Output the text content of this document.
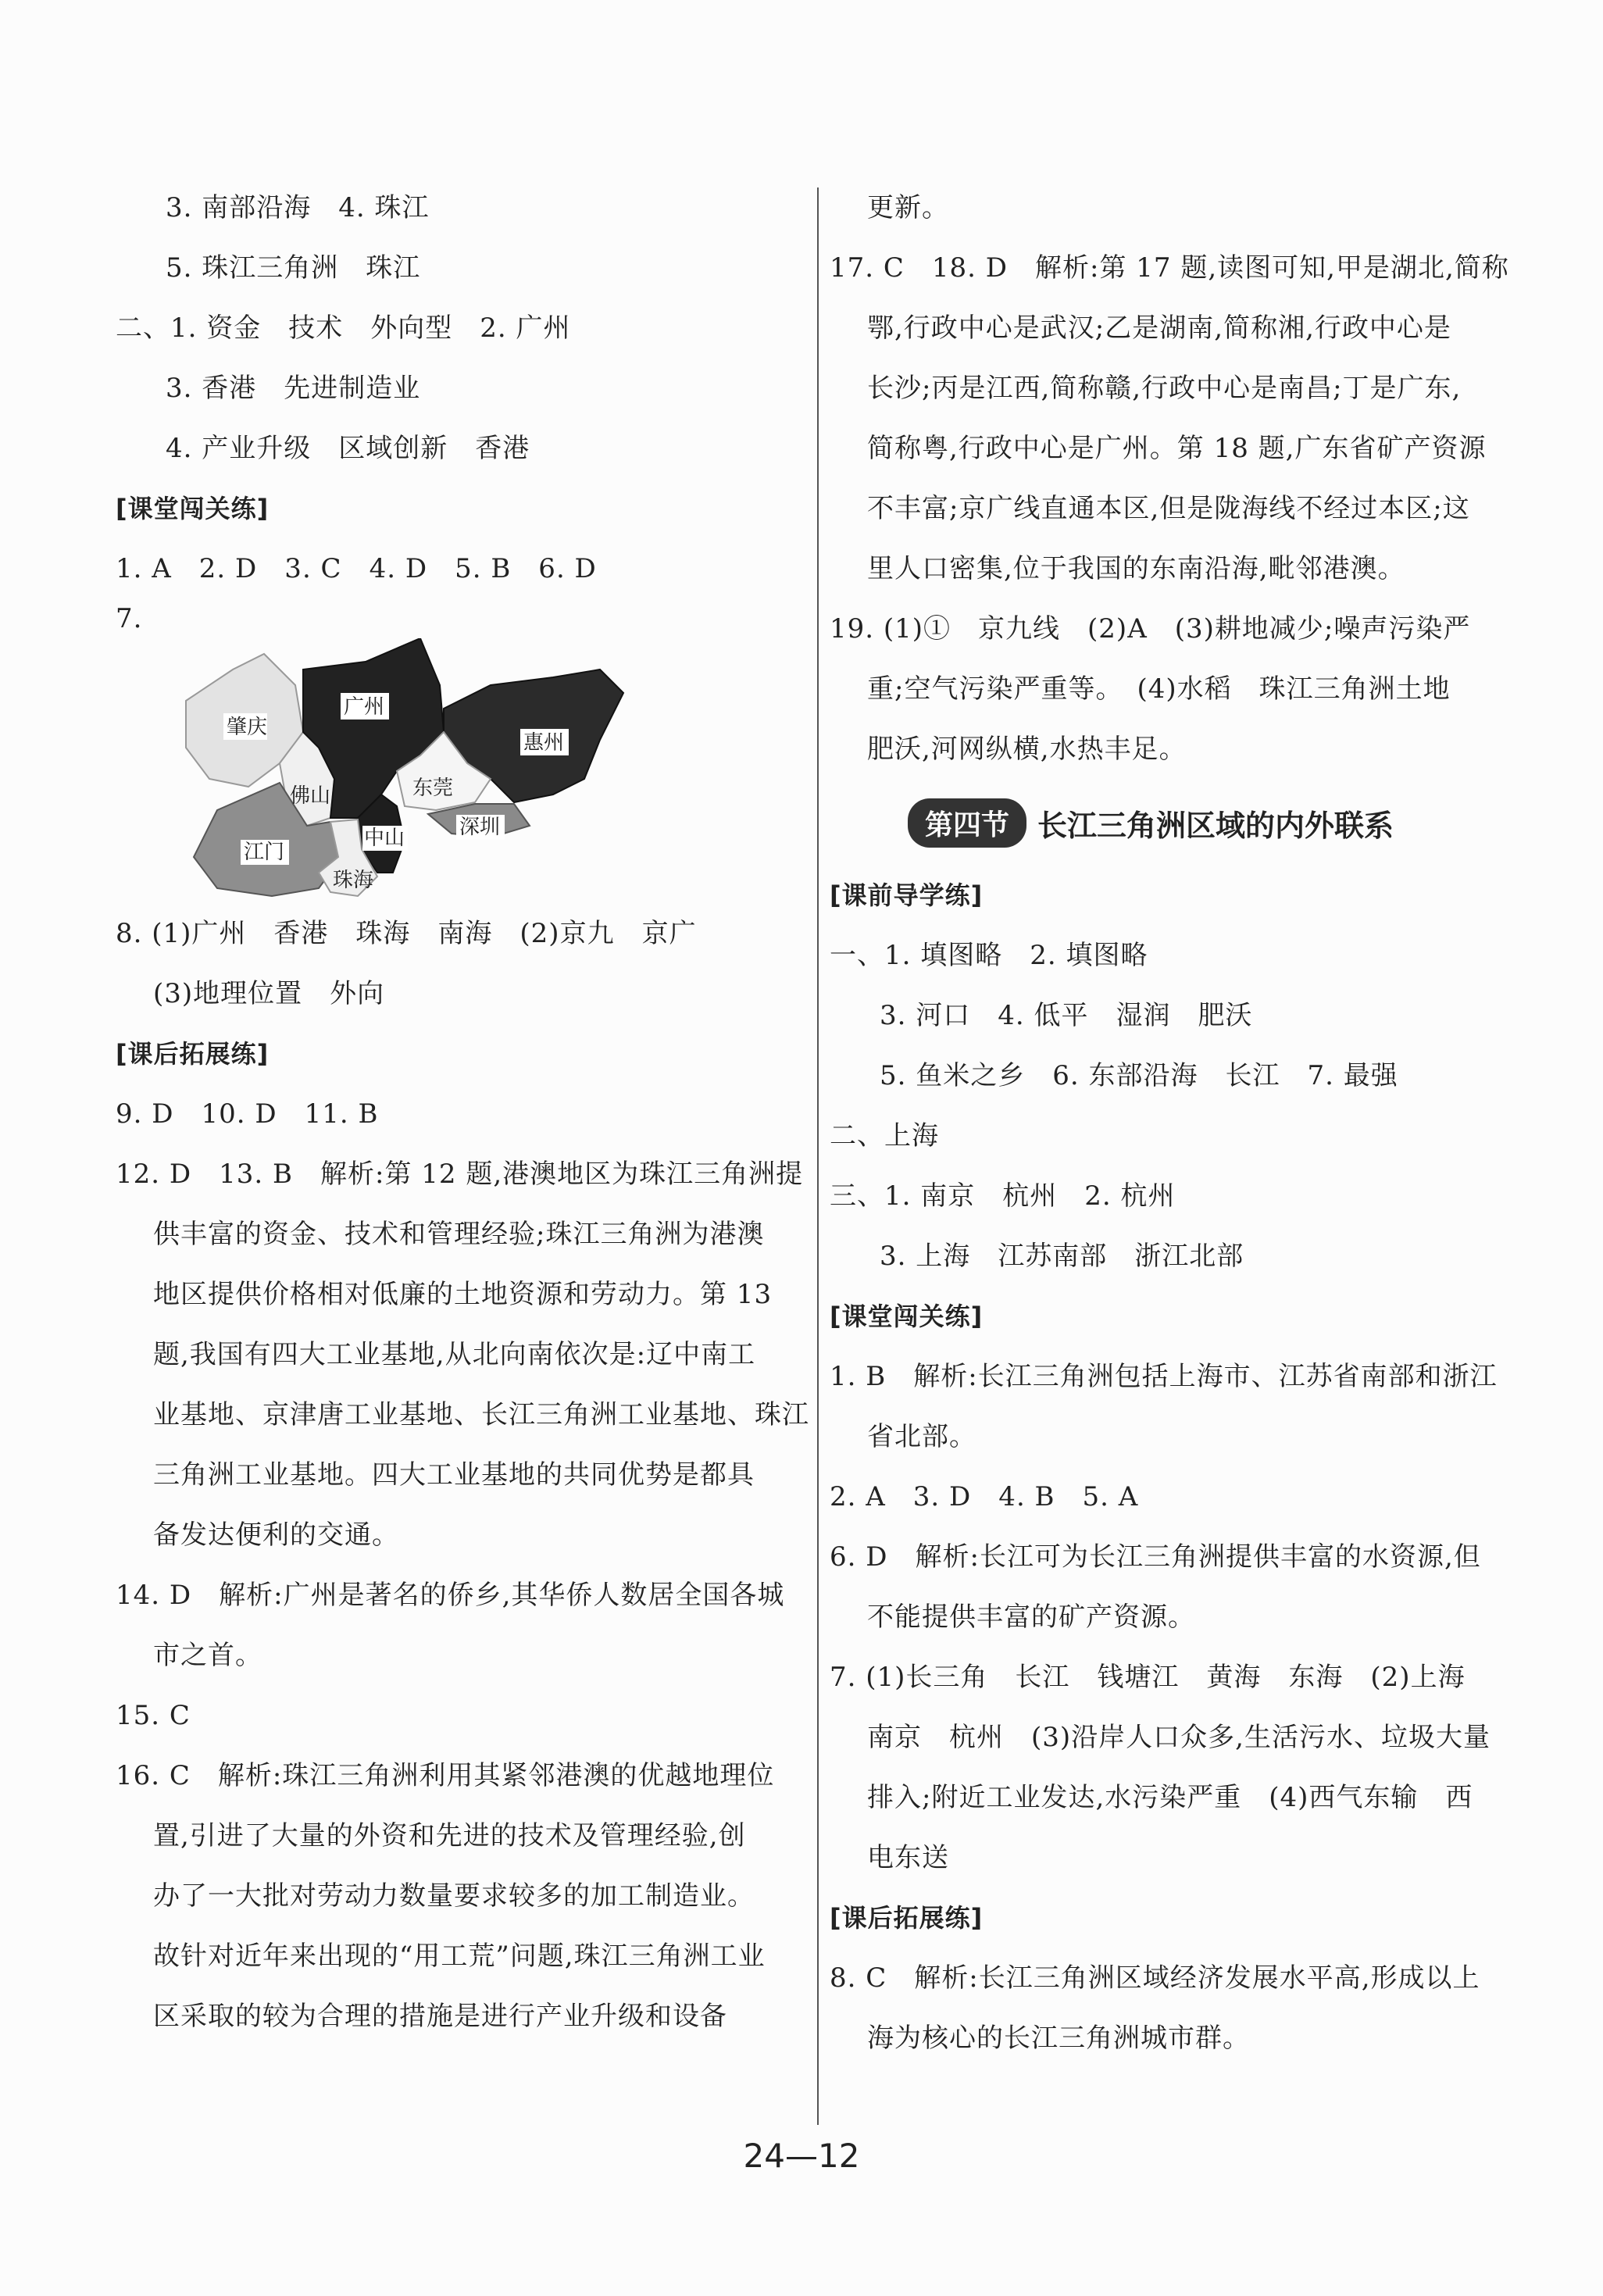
3. 南部沿海　4. 珠江
5. 珠江三角洲　珠江
二、1. 资金　技术　外向型　2. 广州
3. 香港　先进制造业
4. 产业升级　区域创新　香港
[课堂闯关练]
1. A　2. D　3. C　4. D　5. B　6. D
7.
肇庆
佛山
广州
惠州
东莞
深圳
中山
江门
珠海
8. (1)广州　香港　珠海　南海　(2)京九　京广
(3)地理位置　外向
[课后拓展练]
9. D　10. D　11. B
12. D　13. B　解析:第 12 题,港澳地区为珠江三角洲提
供丰富的资金、技术和管理经验;珠江三角洲为港澳
地区提供价格相对低廉的土地资源和劳动力。第 13
题,我国有四大工业基地,从北向南依次是:辽中南工
业基地、京津唐工业基地、长江三角洲工业基地、珠江
三角洲工业基地。四大工业基地的共同优势是都具
备发达便利的交通。
14. D　解析:广州是著名的侨乡,其华侨人数居全国各城
市之首。
15. C
16. C　解析:珠江三角洲利用其紧邻港澳的优越地理位
置,引进了大量的外资和先进的技术及管理经验,创
办了一大批对劳动力数量要求较多的加工制造业。
故针对近年来出现的“用工荒”问题,珠江三角洲工业
区采取的较为合理的措施是进行产业升级和设备
更新。
17. C　18. D　解析:第 17 题,读图可知,甲是湖北,简称
鄂,行政中心是武汉;乙是湖南,简称湘,行政中心是
长沙;丙是江西,简称赣,行政中心是南昌;丁是广东,
简称粤,行政中心是广州。第 18 题,广东省矿产资源
不丰富;京广线直通本区,但是陇海线不经过本区;这
里人口密集,位于我国的东南沿海,毗邻港澳。
19. (1)①　京九线　(2)A　(3)耕地减少;噪声污染严
重;空气污染严重等。　(4)水稻　珠江三角洲土地
肥沃,河网纵横,水热丰足。
第四节 长江三角洲区域的内外联系
[课前导学练]
一、1. 填图略　2. 填图略
3. 河口　4. 低平　湿润　肥沃
5. 鱼米之乡　6. 东部沿海　长江　7. 最强
二、上海
三、1. 南京　杭州　2. 杭州
3. 上海　江苏南部　浙江北部
[课堂闯关练]
1. B　解析:长江三角洲包括上海市、江苏省南部和浙江
省北部。
2. A　3. D　4. B　5. A
6. D　解析:长江可为长江三角洲提供丰富的水资源,但
不能提供丰富的矿产资源。
7. (1)长三角　长江　钱塘江　黄海　东海　(2)上海
南京　杭州　(3)沿岸人口众多,生活污水、垃圾大量
排入;附近工业发达,水污染严重　(4)西气东输　西
电东送
[课后拓展练]
8. C　解析:长江三角洲区域经济发展水平高,形成以上
海为核心的长江三角洲城市群。
24—12
